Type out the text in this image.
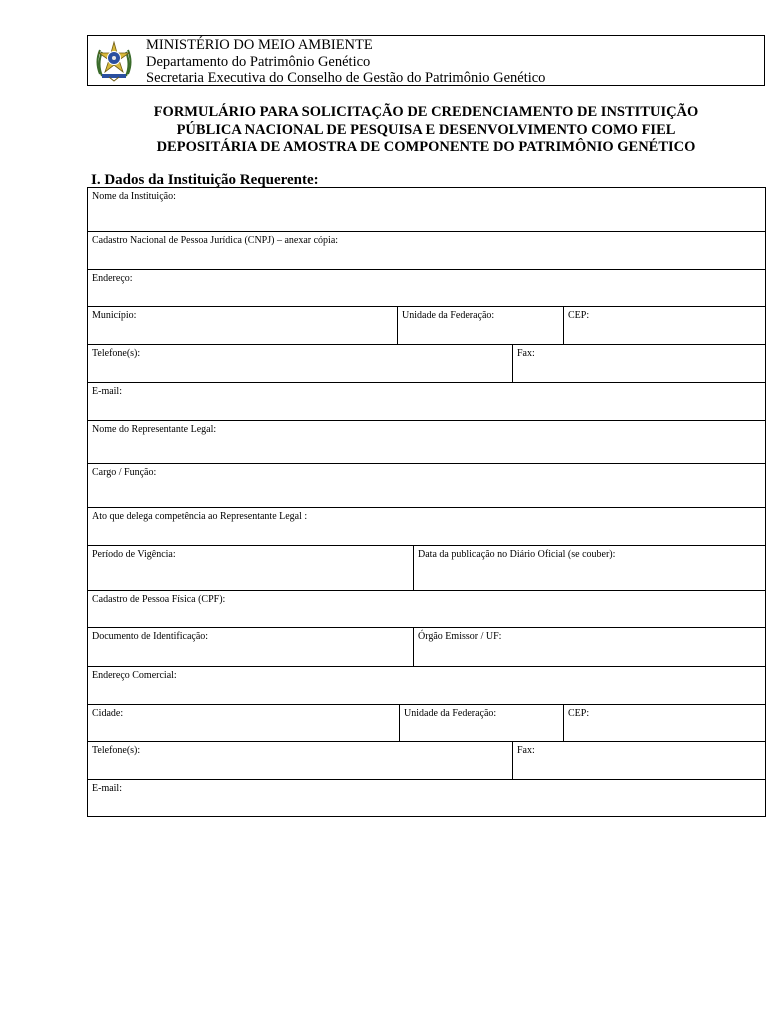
MINISTÉRIO DO MEIO AMBIENTE
Departamento do Patrimônio Genético
Secretaria Executiva do Conselho de Gestão do Patrimônio Genético
FORMULÁRIO PARA SOLICITAÇÃO DE CREDENCIAMENTO DE INSTITUIÇÃO
PÚBLICA NACIONAL DE PESQUISA E DESENVOLVIMENTO COMO FIEL
DEPOSITÁRIA DE AMOSTRA DE COMPONENTE DO PATRIMÔNIO GENÉTICO
I. Dados da Instituição Requerente:
Nome da Instituição:
Cadastro Nacional de Pessoa Jurídica (CNPJ) – anexar cópia:
Endereço:
Município:	Unidade da Federação:	CEP:
Telefone(s):	Fax:
E-mail:
Nome do Representante Legal:
Cargo / Função:
Ato que delega competência ao Representante Legal :
Período de Vigência:	Data da publicação no Diário Oficial (se couber):
Cadastro de Pessoa Física (CPF):
Documento de Identificação:	Órgão Emissor / UF:
Endereço Comercial:
Cidade:	Unidade da Federação:	CEP:
Telefone(s):	Fax:
E-mail:
